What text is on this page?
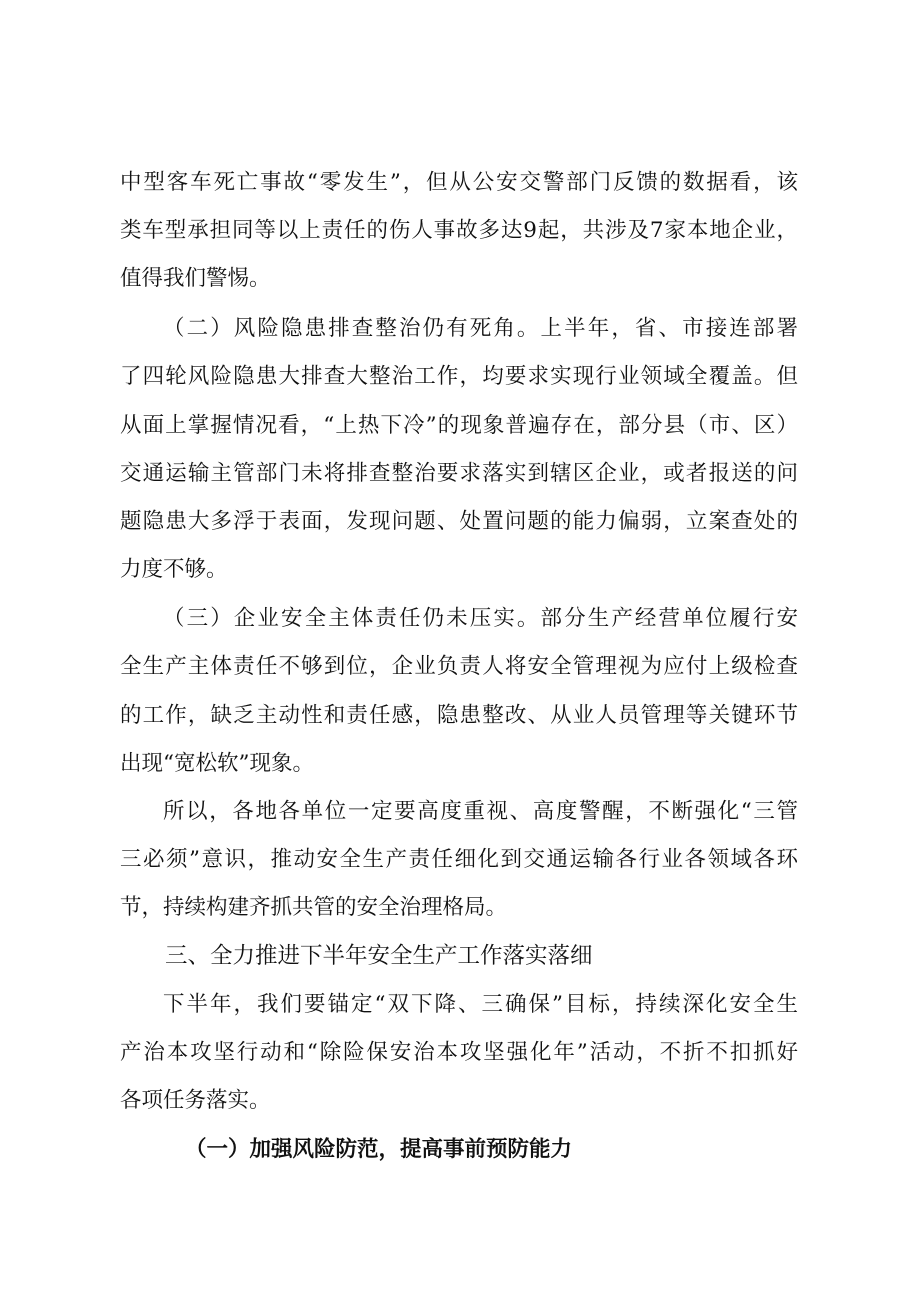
中型客车死亡事故“零发生”，但从公安交警部门反馈的数据看，该
类车型承担同等以上责任的伤人事故多达9起，共涉及7家本地企业，
值得我们警惕。
（二）风险隐患排查整治仍有死角。上半年，省、市接连部署
了四轮风险隐患大排查大整治工作，均要求实现行业领域全覆盖。但
从面上掌握情况看，“上热下冷”的现象普遍存在，部分县（市、区）
交通运输主管部门未将排查整治要求落实到辖区企业，或者报送的问
题隐患大多浮于表面，发现问题、处置问题的能力偏弱，立案查处的
力度不够。
（三）企业安全主体责任仍未压实。部分生产经营单位履行安
全生产主体责任不够到位，企业负责人将安全管理视为应付上级检查
的工作，缺乏主动性和责任感，隐患整改、从业人员管理等关键环节
出现“宽松软”现象。
所以，各地各单位一定要高度重视、高度警醒，不断强化“三管
三必须”意识，推动安全生产责任细化到交通运输各行业各领域各环
节，持续构建齐抓共管的安全治理格局。
三、全力推进下半年安全生产工作落实落细
下半年，我们要锚定“双下降、三确保”目标，持续深化安全生
产治本攻坚行动和“除险保安治本攻坚强化年”活动，不折不扣抓好
各项任务落实。
（一）加强风险防范，提高事前预防能力
